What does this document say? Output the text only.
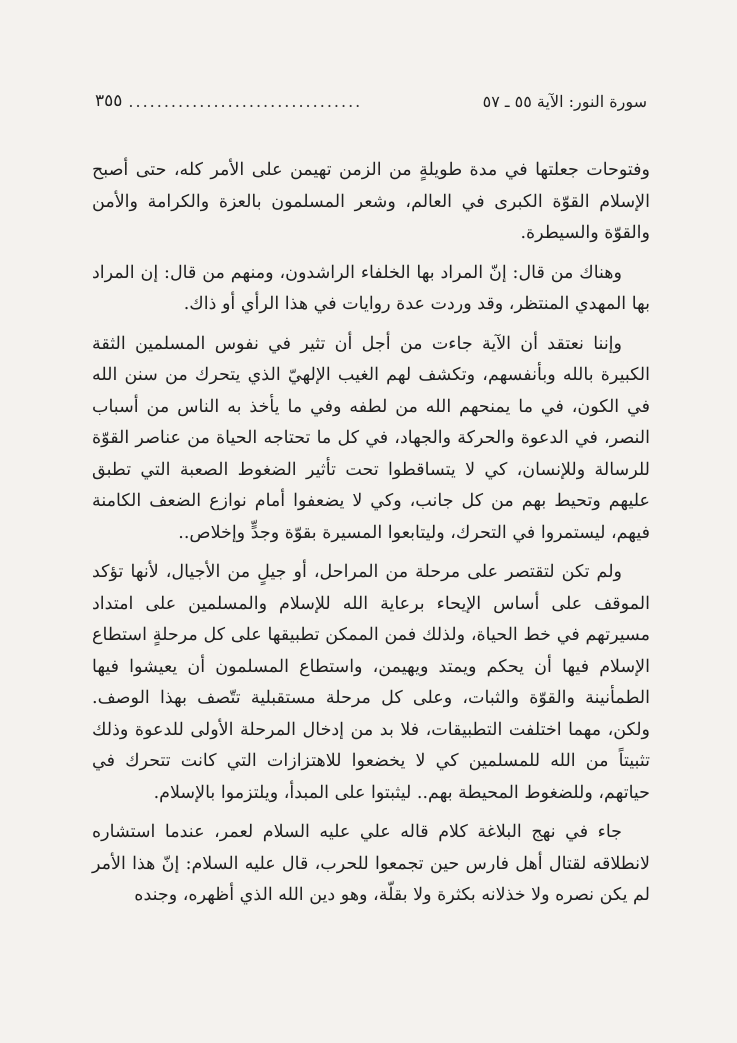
سورة النور: الآية ٥٥ ـ ٥٧
.................................
٣٥٥

وفتوحات جعلتها في مدة طويلةٍ من الزمن تهيمن على الأمر كله، حتى أصبح الإسلام القوّة الكبرى في العالم، وشعر المسلمون بالعزة والكرامة والأمن والقوّة والسيطرة.

وهناك من قال: إنّ المراد بها الخلفاء الراشدون، ومنهم من قال: إن المراد بها المهدي المنتظر، وقد وردت عدة روايات في هذا الرأي أو ذاك.

وإننا نعتقد أن الآية جاءت من أجل أن تثير في نفوس المسلمين الثقة الكبيرة بالله وبأنفسهم، وتكشف لهم الغيب الإلهيّ الذي يتحرك من سنن الله في الكون، في ما يمنحهم الله من لطفه وفي ما يأخذ به الناس من أسباب النصر، في الدعوة والحركة والجهاد، في كل ما تحتاجه الحياة من عناصر القوّة للرسالة وللإنسان، كي لا يتساقطوا تحت تأثير الضغوط الصعبة التي تطبق عليهم وتحيط بهم من كل جانب، وكي لا يضعفوا أمام نوازع الضعف الكامنة فيهم، ليستمروا في التحرك، وليتابعوا المسيرة بقوّة وجدٍّ وإخلاص..

ولم تكن لتقتصر على مرحلة من المراحل، أو جيلٍ من الأجيال، لأنها تؤكد الموقف على أساس الإيحاء برعاية الله للإسلام والمسلمين على امتداد مسيرتهم في خط الحياة، ولذلك فمن الممكن تطبيقها على كل مرحلةٍ استطاع الإسلام فيها أن يحكم ويمتد ويهيمن، واستطاع المسلمون أن يعيشوا فيها الطمأنينة والقوّة والثبات، وعلى كل مرحلة مستقبلية تتّصف بهذا الوصف. ولكن، مهما اختلفت التطبيقات، فلا بد من إدخال المرحلة الأولى للدعوة وذلك تثبيتاً من الله للمسلمين كي لا يخضعوا للاهتزازات التي كانت تتحرك في حياتهم، وللضغوط المحيطة بهم.. ليثبتوا على المبدأ، ويلتزموا بالإسلام.

جاء في نهج البلاغة كلام قاله علي عليه السلام لعمر، عندما استشاره لانطلاقه لقتال أهل فارس حين تجمعوا للحرب، قال عليه السلام: إنّ هذا الأمر لم يكن نصره ولا خذلانه بكثرة ولا بقلّة، وهو دين الله الذي أظهره، وجنده
